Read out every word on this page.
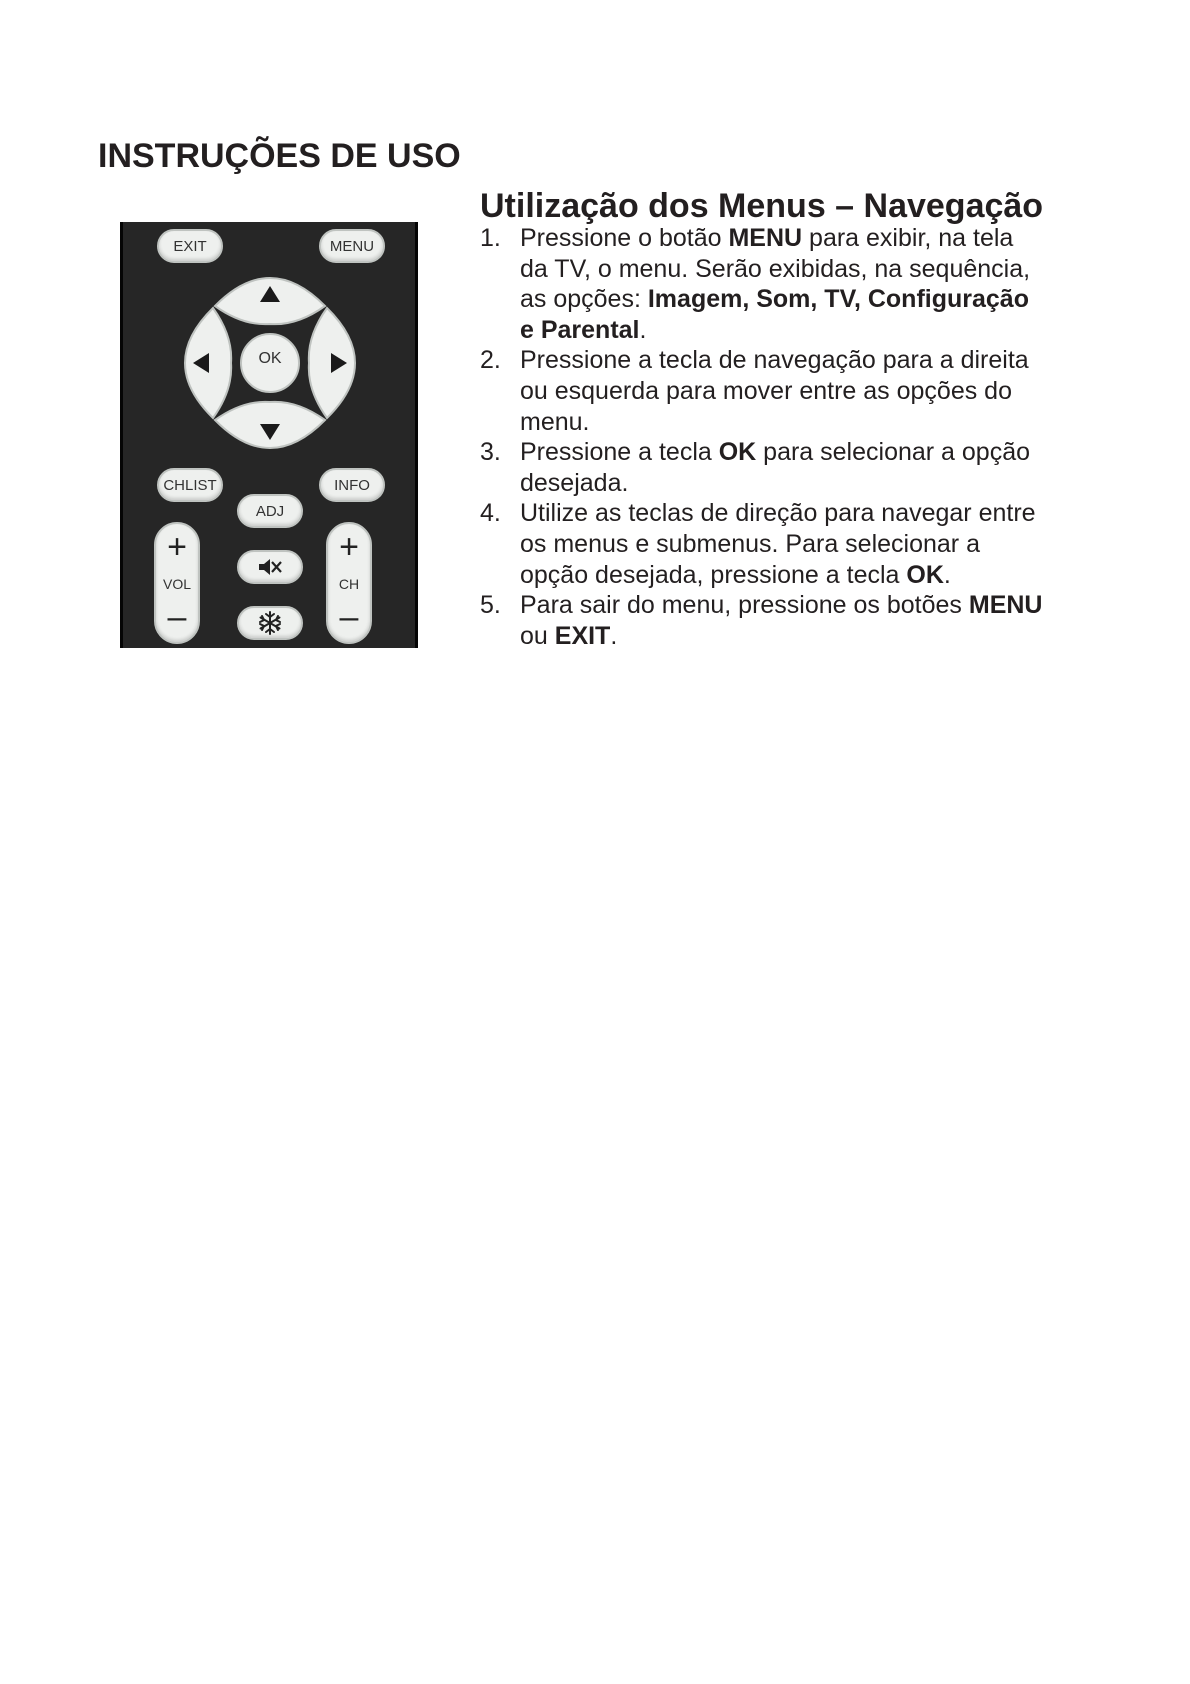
INSTRUÇÕES DE USO
EXIT	MENU
OK
CHLIST	INFO
ADJ
+
VOL
–
+
CH
–
Utilização dos Menus – Navegação
1. Pressione o botão MENU para exibir, na tela
da TV, o menu. Serão exibidas, na sequência,
as opções: Imagem, Som, TV, Configuração
e Parental.
2. Pressione a tecla de navegação para a direita
ou esquerda para mover entre as opções do
menu.
3. Pressione a tecla OK para selecionar a opção
desejada.
4. Utilize as teclas de direção para navegar entre
os menus e submenus. Para selecionar a
opção desejada, pressione a tecla OK.
5. Para sair do menu, pressione os botões MENU
ou EXIT.
